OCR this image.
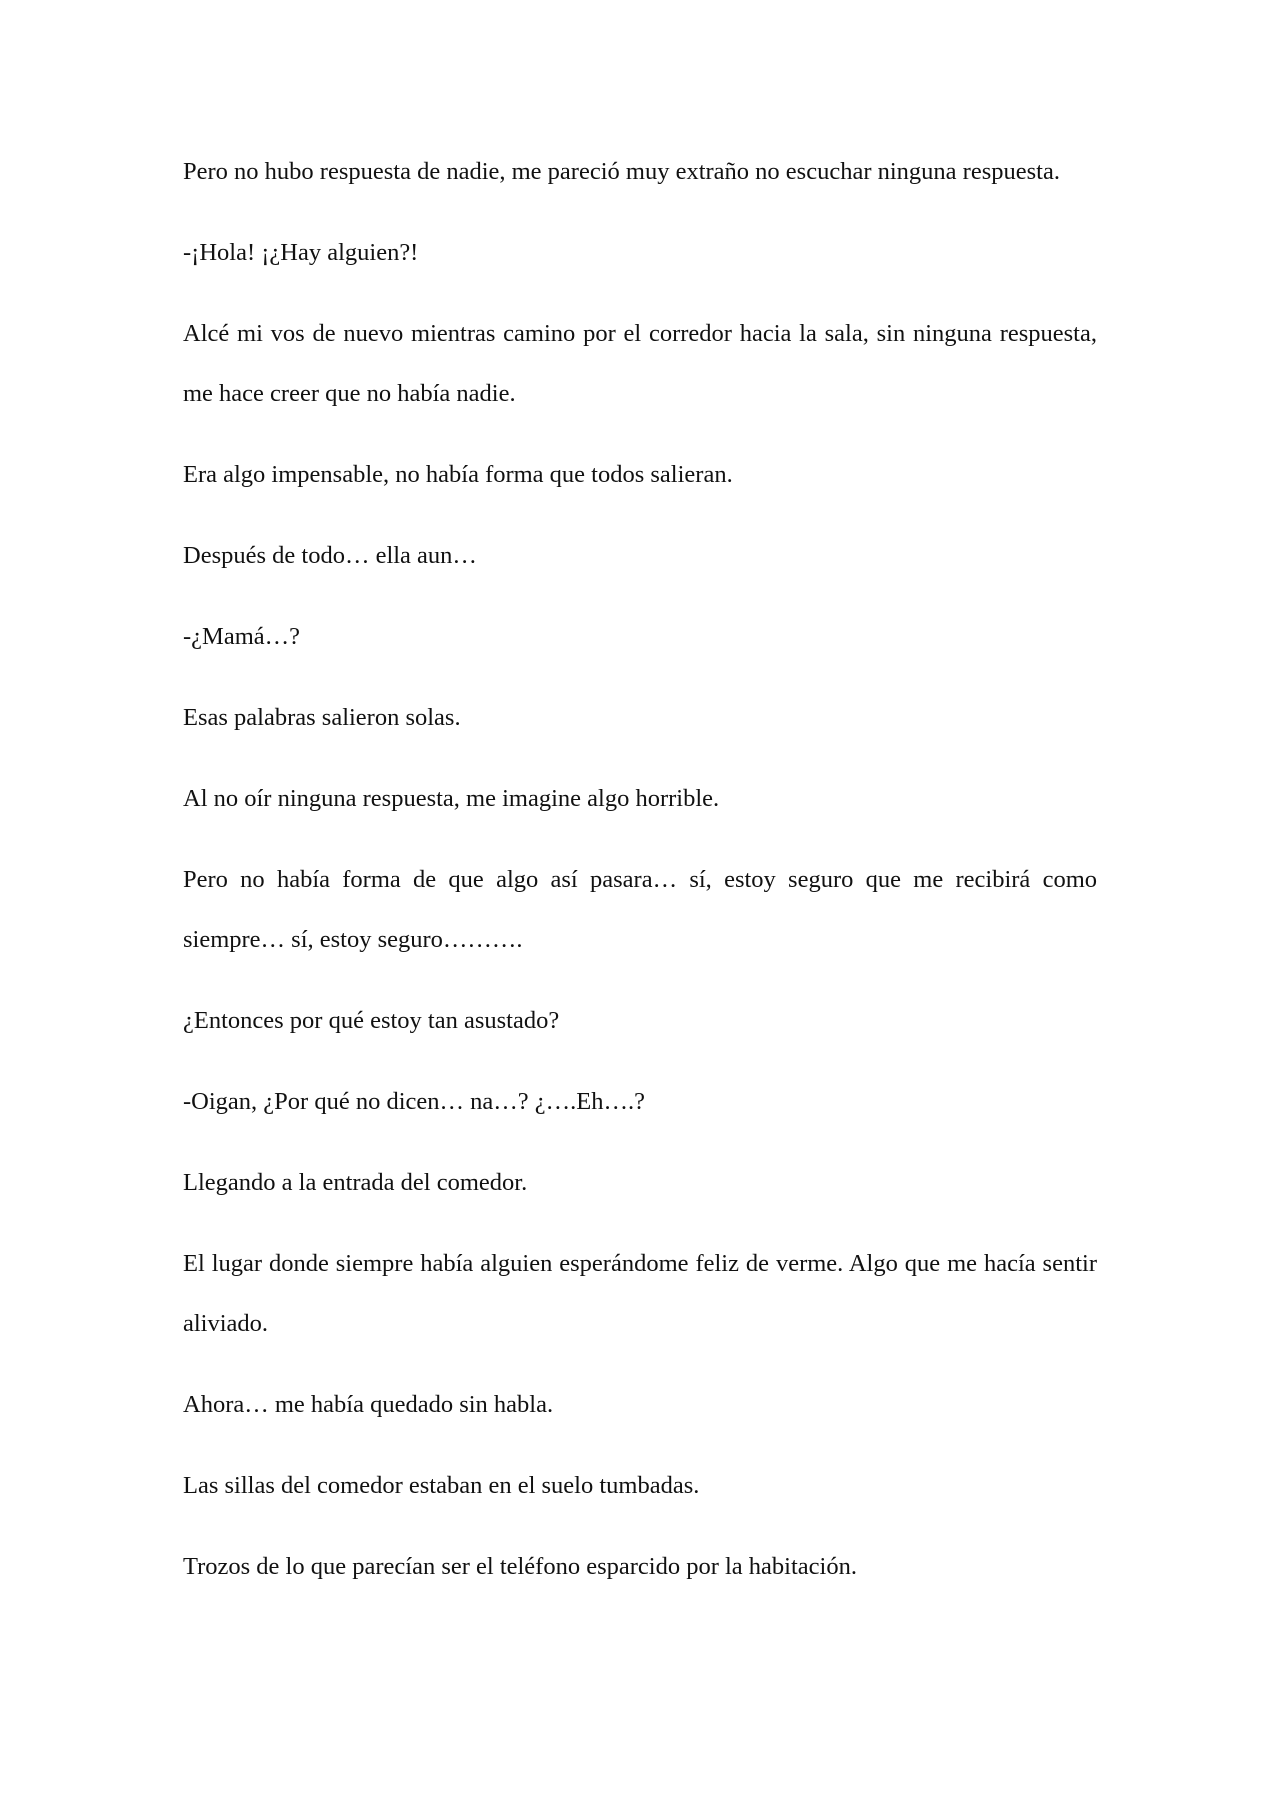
Pero no hubo respuesta de nadie, me pareció muy extraño no escuchar ninguna respuesta.

-¡Hola! ¡¿Hay alguien?!

Alcé mi vos de nuevo mientras camino por el corredor hacia la sala, sin ninguna respuesta, me hace creer que no había nadie.

Era algo impensable, no había forma que todos salieran.

Después de todo… ella aun…

-¿Mamá…?

Esas palabras salieron solas.

Al no oír ninguna respuesta, me imagine algo horrible.

Pero no había forma de que algo así pasara… sí, estoy seguro que me recibirá como siempre… sí, estoy seguro……….

¿Entonces por qué estoy tan asustado?

-Oigan, ¿Por qué no dicen… na…? ¿….Eh….?

Llegando a la entrada del comedor.

El lugar donde siempre había alguien esperándome feliz de verme. Algo que me hacía sentir aliviado.

Ahora… me había quedado sin habla.

Las sillas del comedor estaban en el suelo tumbadas.

Trozos de lo que parecían ser el teléfono esparcido por la habitación.
